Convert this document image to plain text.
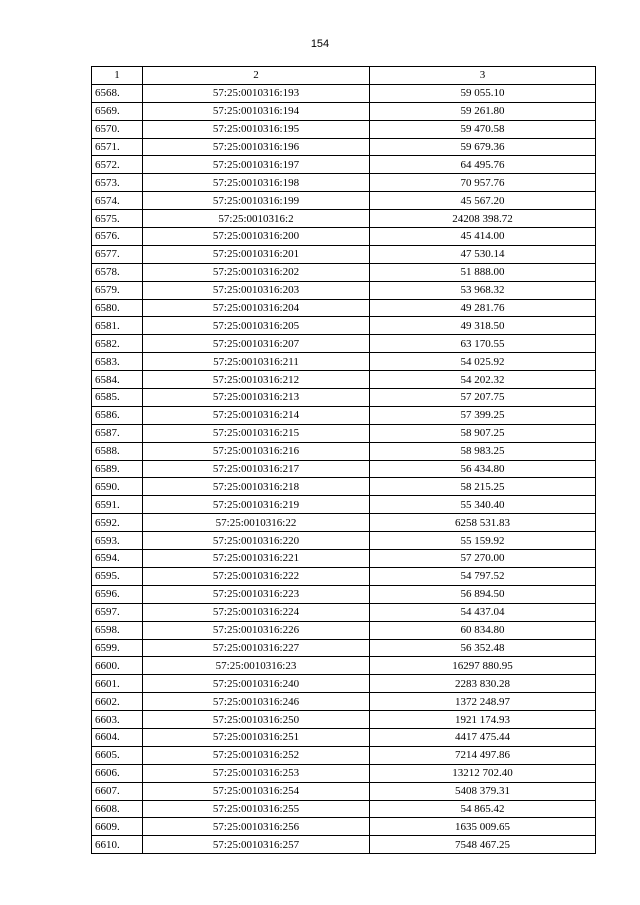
154
1	2	3
6568.	57:25:0010316:193	59 055.10
6569.	57:25:0010316:194	59 261.80
6570.	57:25:0010316:195	59 470.58
6571.	57:25:0010316:196	59 679.36
6572.	57:25:0010316:197	64 495.76
6573.	57:25:0010316:198	70 957.76
6574.	57:25:0010316:199	45 567.20
6575.	57:25:0010316:2	24208 398.72
6576.	57:25:0010316:200	45 414.00
6577.	57:25:0010316:201	47 530.14
6578.	57:25:0010316:202	51 888.00
6579.	57:25:0010316:203	53 968.32
6580.	57:25:0010316:204	49 281.76
6581.	57:25:0010316:205	49 318.50
6582.	57:25:0010316:207	63 170.55
6583.	57:25:0010316:211	54 025.92
6584.	57:25:0010316:212	54 202.32
6585.	57:25:0010316:213	57 207.75
6586.	57:25:0010316:214	57 399.25
6587.	57:25:0010316:215	58 907.25
6588.	57:25:0010316:216	58 983.25
6589.	57:25:0010316:217	56 434.80
6590.	57:25:0010316:218	58 215.25
6591.	57:25:0010316:219	55 340.40
6592.	57:25:0010316:22	6258 531.83
6593.	57:25:0010316:220	55 159.92
6594.	57:25:0010316:221	57 270.00
6595.	57:25:0010316:222	54 797.52
6596.	57:25:0010316:223	56 894.50
6597.	57:25:0010316:224	54 437.04
6598.	57:25:0010316:226	60 834.80
6599.	57:25:0010316:227	56 352.48
6600.	57:25:0010316:23	16297 880.95
6601.	57:25:0010316:240	2283 830.28
6602.	57:25:0010316:246	1372 248.97
6603.	57:25:0010316:250	1921 174.93
6604.	57:25:0010316:251	4417 475.44
6605.	57:25:0010316:252	7214 497.86
6606.	57:25:0010316:253	13212 702.40
6607.	57:25:0010316:254	5408 379.31
6608.	57:25:0010316:255	54 865.42
6609.	57:25:0010316:256	1635 009.65
6610.	57:25:0010316:257	7548 467.25
